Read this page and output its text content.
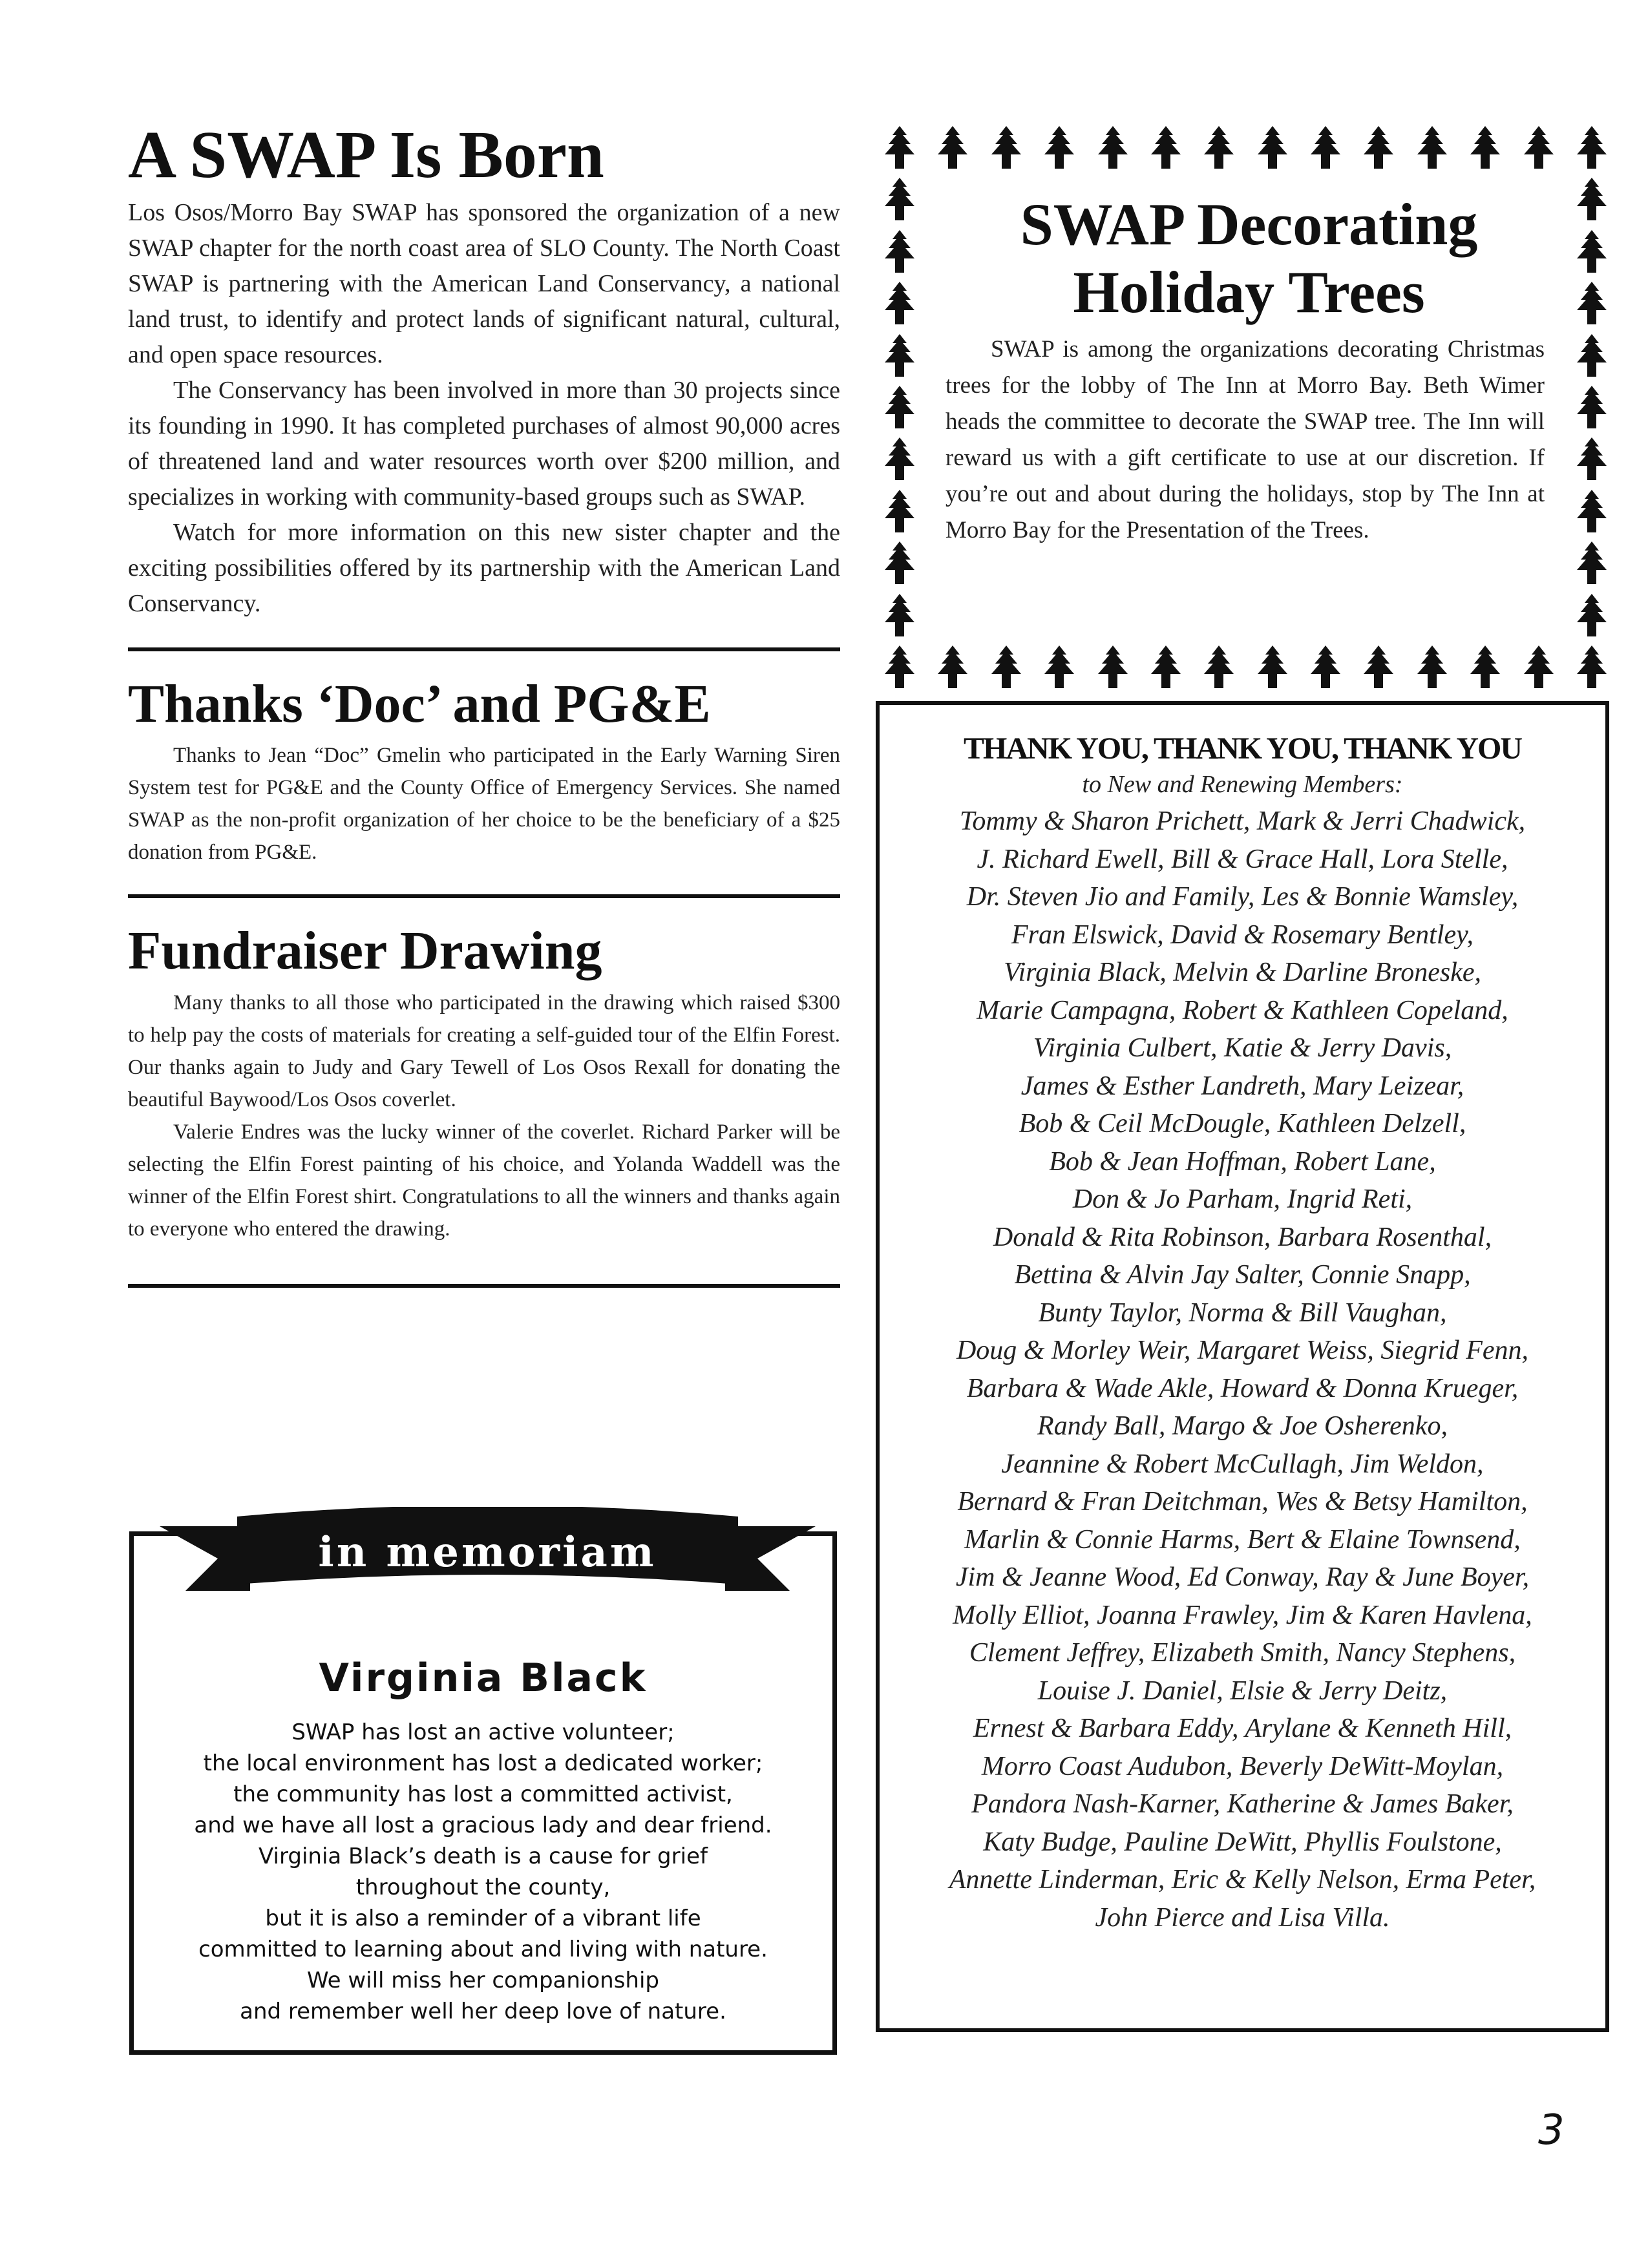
A SWAP Is Born

Los Osos/Morro Bay SWAP has sponsored the organization of a new SWAP chapter for the north coast area of SLO County. The North Coast SWAP is partnering with the American Land Conservancy, a national land trust, to identify and protect lands of significant natural, cultural, and open space resources.

The Conservancy has been involved in more than 30 projects since its founding in 1990. It has completed purchases of almost 90,000 acres of threatened land and water resources worth over $200 million, and specializes in working with community-based groups such as SWAP.

Watch for more information on this new sister chapter and the exciting possibilities offered by its partnership with the American Land Conservancy.

Thanks ‘Doc’ and PG&E

Thanks to Jean “Doc” Gmelin who participated in the Early Warning Siren System test for PG&E and the County Office of Emergency Services. She named SWAP as the non-profit organization of her choice to be the beneficiary of a $25 donation from PG&E.

Fundraiser Drawing

Many thanks to all those who participated in the drawing which raised $300 to help pay the costs of materials for creating a self-guided tour of the Elfin Forest. Our thanks again to Judy and Gary Tewell of Los Osos Rexall for donating the beautiful Baywood/Los Osos coverlet.

Valerie Endres was the lucky winner of the coverlet. Richard Parker will be selecting the Elfin Forest painting of his choice, and Yolanda Waddell was the winner of the Elfin Forest shirt. Congratulations to all the winners and thanks again to everyone who entered the drawing.

in memoriam
Virginia Black
SWAP has lost an active volunteer;
the local environment has lost a dedicated worker;
the community has lost a committed activist,
and we have all lost a gracious lady and dear friend.
Virginia Black’s death is a cause for grief
throughout the county,
but it is also a reminder of a vibrant life
committed to learning about and living with nature.
We will miss her companionship
and remember well her deep love of nature.
SWAP Decorating
Holiday Trees

SWAP is among the organizations decorating Christmas trees for the lobby of The Inn at Morro Bay. Beth Wimer heads the committee to decorate the SWAP tree. The Inn will reward us with a gift certificate to use at our discretion. If you’re out and about during the holidays, stop by The Inn at Morro Bay for the Presentation of the Trees.

THANK YOU, THANK YOU, THANK YOU
to New and Renewing Members:
Tommy & Sharon Prichett, Mark & Jerri Chadwick,
J. Richard Ewell, Bill & Grace Hall, Lora Stelle,
Dr. Steven Jio and Family, Les & Bonnie Wamsley,
Fran Elswick, David & Rosemary Bentley,
Virginia Black, Melvin & Darline Broneske,
Marie Campagna, Robert & Kathleen Copeland,
Virginia Culbert, Katie & Jerry Davis,
James & Esther Landreth, Mary Leizear,
Bob & Ceil McDougle, Kathleen Delzell,
Bob & Jean Hoffman, Robert Lane,
Don & Jo Parham, Ingrid Reti,
Donald & Rita Robinson, Barbara Rosenthal,
Bettina & Alvin Jay Salter, Connie Snapp,
Bunty Taylor, Norma & Bill Vaughan,
Doug & Morley Weir, Margaret Weiss, Siegrid Fenn,
Barbara & Wade Akle, Howard & Donna Krueger,
Randy Ball, Margo & Joe Osherenko,
Jeannine & Robert McCullagh, Jim Weldon,
Bernard & Fran Deitchman, Wes & Betsy Hamilton,
Marlin & Connie Harms, Bert & Elaine Townsend,
Jim & Jeanne Wood, Ed Conway, Ray & June Boyer,
Molly Elliot, Joanna Frawley, Jim & Karen Havlena,
Clement Jeffrey, Elizabeth Smith, Nancy Stephens,
Louise J. Daniel, Elsie & Jerry Deitz,
Ernest & Barbara Eddy, Arylane & Kenneth Hill,
Morro Coast Audubon, Beverly DeWitt-Moylan,
Pandora Nash-Karner, Katherine & James Baker,
Katy Budge, Pauline DeWitt, Phyllis Foulstone,
Annette Linderman, Eric & Kelly Nelson, Erma Peter,
John Pierce and Lisa Villa.
3
